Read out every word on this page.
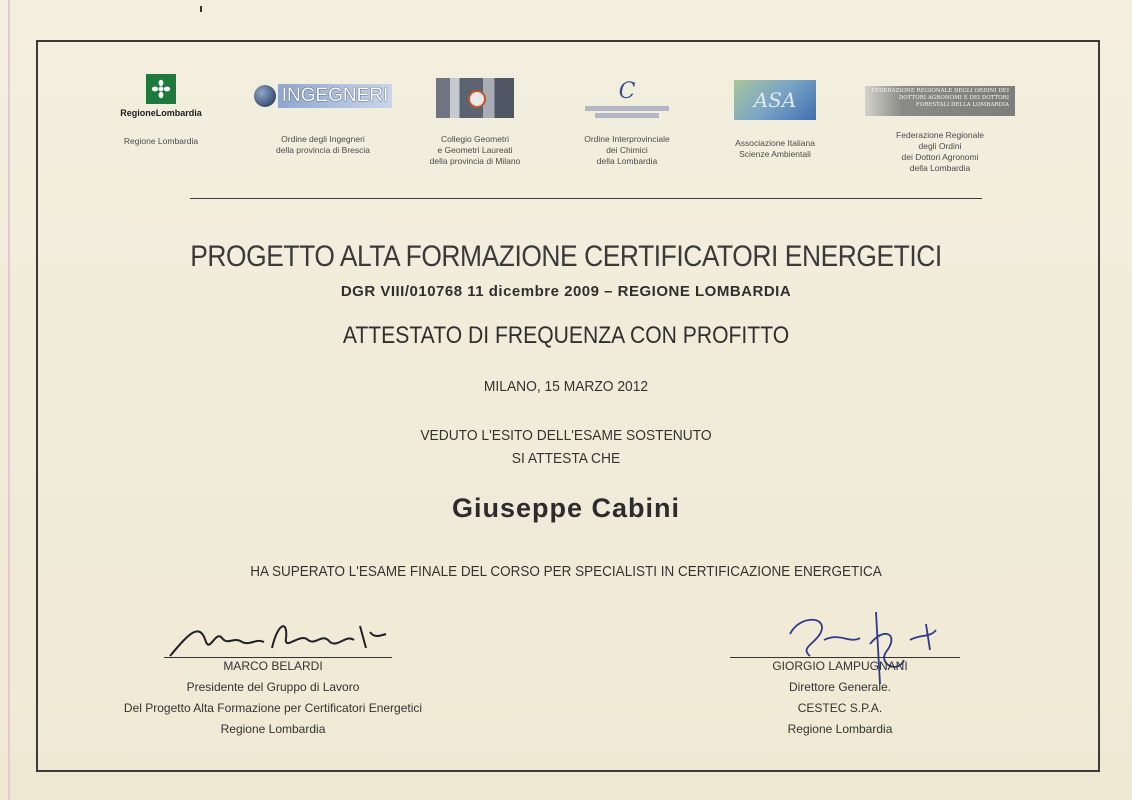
RegioneLombardia
Regione Lombardia
INGEGNERI
Ordine degli Ingegneri
della provincia di Brescia
Collegio Geometri
e Geometri Laureati
della provincia di Milano
C
Ordine Interprovinciale
dei Chimici
della Lombardia
ASA
Associazione Italiana
Scienze Ambientali
FEDERAZIONE REGIONALE DEGLI ORDINI DEI DOTTORI AGRONOMI E DEI DOTTORI FORESTALI DELLA LOMBARDIA
Federazione Regionale
degli Ordini
dei Dottori Agronomi
della Lombardia
PROGETTO ALTA FORMAZIONE CERTIFICATORI ENERGETICI
DGR VIII/010768 11 dicembre 2009 – REGIONE LOMBARDIA
ATTESTATO DI FREQUENZA CON PROFITTO
MILANO, 15 MARZO 2012
VEDUTO L'ESITO DELL'ESAME SOSTENUTO
SI ATTESTA CHE
Giuseppe Cabini
HA SUPERATO L'ESAME FINALE DEL CORSO PER SPECIALISTI IN CERTIFICAZIONE ENERGETICA
MARCO BELARDI
Presidente del Gruppo di Lavoro
Del Progetto Alta Formazione per Certificatori Energetici
Regione Lombardia
GIORGIO LAMPUGNANI
Direttore Generale.
CESTEC S.P.A.
Regione Lombardia
